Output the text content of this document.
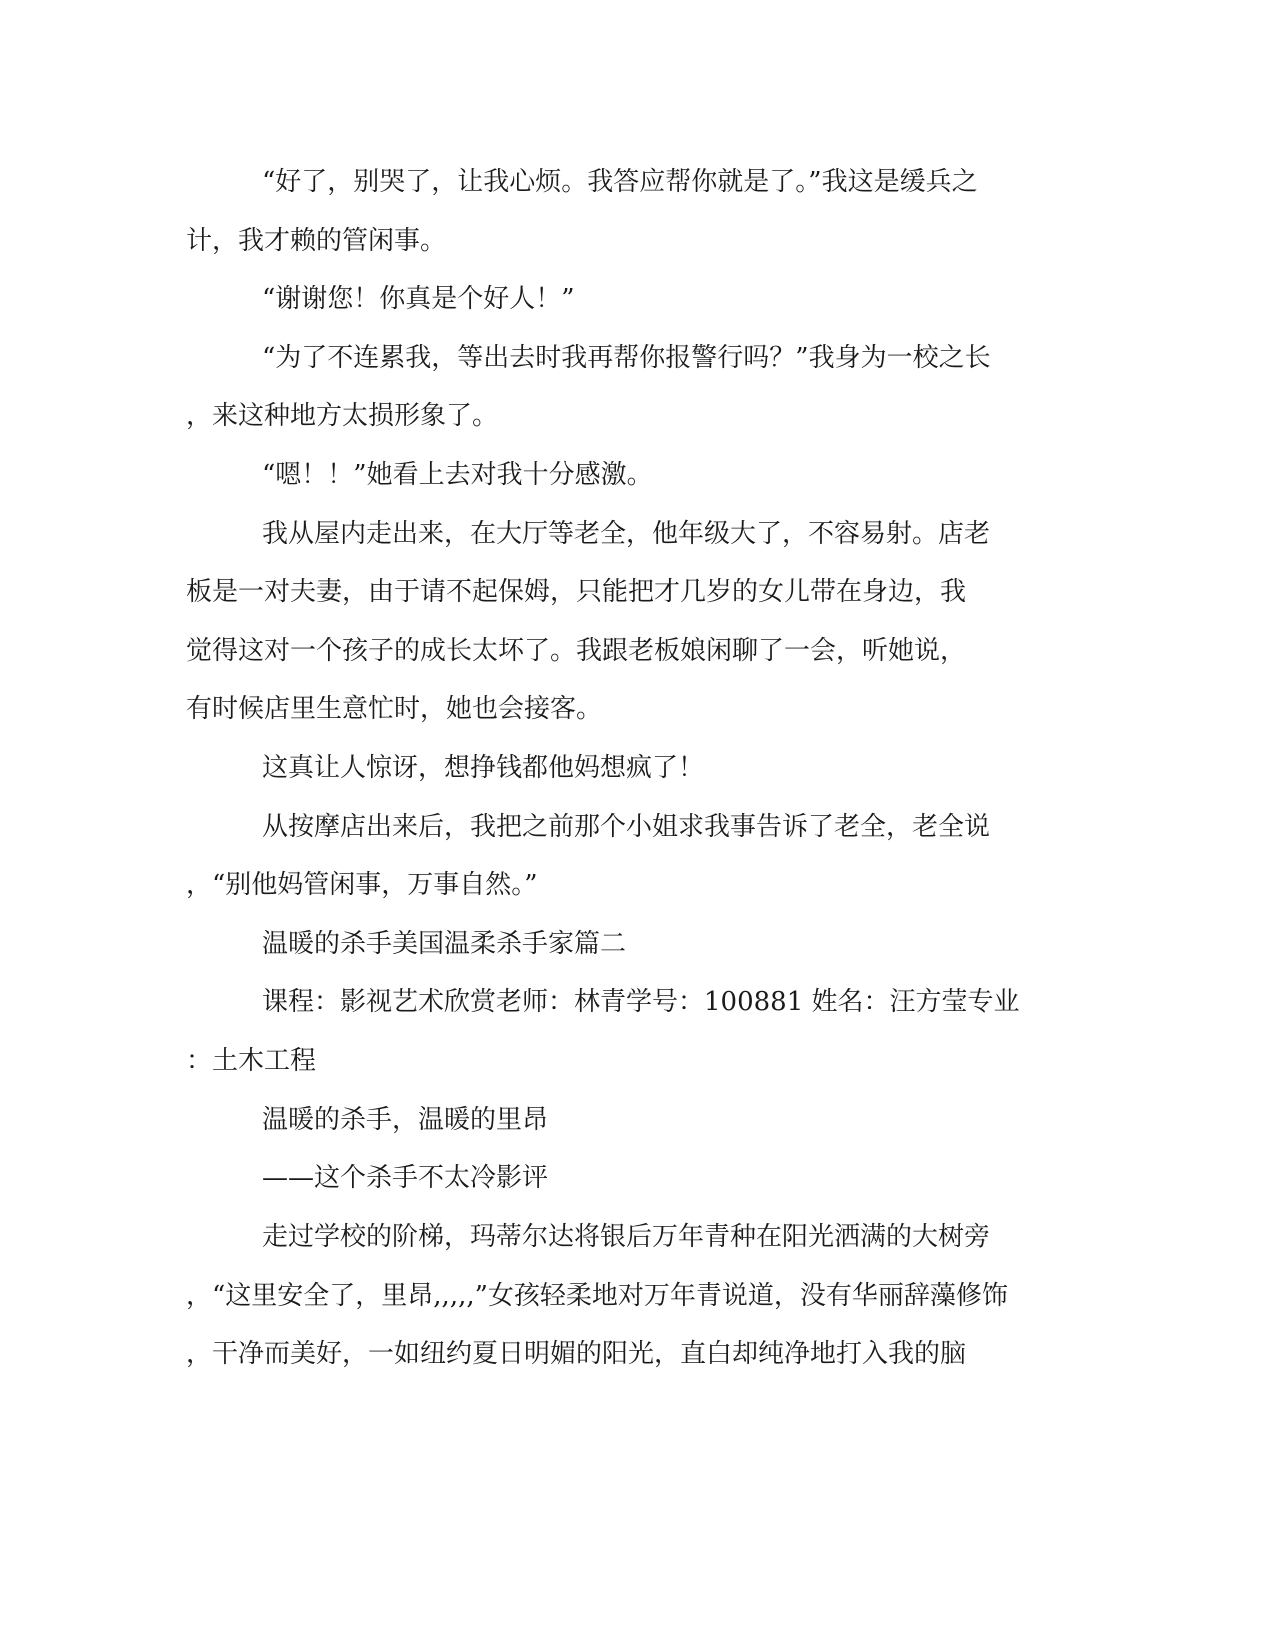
“好了，别哭了，让我心烦。我答应帮你就是了。”我这是缓兵之
计，我才赖的管闲事。
“谢谢您！你真是个好人！”
“为了不连累我，等出去时我再帮你报警行吗？”我身为一校之长
，来这种地方太损形象了。
“嗯！！”她看上去对我十分感激。
我从屋内走出来，在大厅等老全，他年级大了，不容易射。店老
板是一对夫妻，由于请不起保姆，只能把才几岁的女儿带在身边，我
觉得这对一个孩子的成长太坏了。我跟老板娘闲聊了一会，听她说，
有时候店里生意忙时，她也会接客。
这真让人惊讶，想挣钱都他妈想疯了！
从按摩店出来后，我把之前那个小姐求我事告诉了老全，老全说
，“别他妈管闲事，万事自然。”
温暖的杀手美国温柔杀手家篇二
课程：影视艺术欣赏老师：林青学号：100881 姓名：汪方莹专业
：土木工程
温暖的杀手，温暖的里昂
——这个杀手不太冷影评
走过学校的阶梯，玛蒂尔达将银后万年青种在阳光洒满的大树旁
，“这里安全了，里昂,,,,,”女孩轻柔地对万年青说道，没有华丽辞藻修饰
，干净而美好，一如纽约夏日明媚的阳光，直白却纯净地打入我的脑
